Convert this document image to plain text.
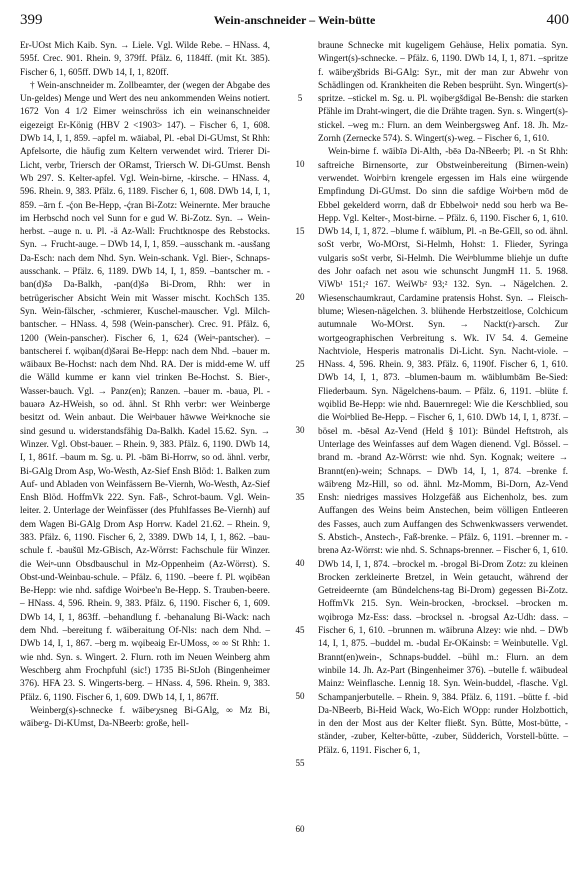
399	Wein-anschneider – Wein-bütte	400

Er-UOst Mich Kaib. Syn. → Liele. Vgl. Wilde Rebe. – HNass. 4, 595f. Crec. 901. Rhein. 9, 379ff. Pfälz. 6, 1184ff. (mit Kt. 385). Fischer 6, 1, 605ff. DWb 14, I, 1, 820ff.

† Wein-anschneider m. Zollbeamter, der (wegen der Abgabe des Un-geldes) Menge und Wert des neu ankommenden Weins notiert. 1672 Von 4 1/2 Eimer weinschröss ich ein weinanschneider eigezeigt Er-König (HBV 2 <1903> 147). – Fischer 6, 1, 608. DWb 14, I, 1, 859. –apfel m. wāiabǝl, Pl. -ebǝl Di-GUmst, St Rhh: Apfelsorte, die häufig zum Keltern verwendet wird. Trierer Di-Licht, verbr, Triersch der ORamst, Triersch W. Di-GUmst. Bensh Wb 297. S. Kelter-apfel. Vgl. Wein-birne, -kirsche. – HNass. 4, 596. Rhein. 9, 383. Pfälz. 6, 1189. Fischer 6, 1, 608. DWb 14, I, 1, 859. –ārn f. -ḉon Be-Hepp, -ḉran Bi-Zotz: Weinernte. Mer brauche im Herbschd noch vel Sunn for e gud W. Bi-Zotz. Syn. → Wein-herbst. –auge n. u. Pl. -ä Az-Wall: Fruchtknospe des Rebstocks. Syn. → Frucht-auge. – DWb 14, I, 1, 859. –ausschank m. -ausšang Da-Esch: nach dem Nhd. Syn. Wein-schank. Vgl. Bier-, Schnaps-ausschank. – Pfälz. 6, 1189. DWb 14, I, 1, 859. –bantscher m. -ban(d)šǝ Da-Balkh, -pan(d)šǝ Bi-Drom, Rhh: wer in betrügerischer Absicht Wein mit Wasser mischt. KochSch 135. Syn. Wein-fälscher, -schmierer, Kuschel-mauscher. Vgl. Milch-bantscher. – HNass. 4, 598 (Wein-panscher). Crec. 91. Pfälz. 6, 1200 (Wein-panscher). Fischer 6, 1, 624 (Weiⁿ-pantscher). –bantscherei f. wǫiban(d)šǝrai Be-Hepp: nach dem Nhd. –bauer m. wāibaux Be-Hochst: nach dem Nhd. RA. Der is midd-eme W. uff die Wälld kumme er kann viel trinken Be-Hochst. S. Bier-, Wasser-bauch. Vgl. → Panz(en); Ranzen. –bauer m. -bauǝ, Pl. -bauǝrǝ Az-HWeish, so od. ähnl. St Rhh verbr: wer Weinberge besitzt od. Wein anbaut. Die Weiⁿbauer hāwwe Weiⁿknoche sie sind gesund u. widerstandsfähig Da-Balkh. Kadel 15.62. Syn. → Winzer. Vgl. Obst-bauer. – Rhein. 9, 383. Pfälz. 6, 1190. DWb 14, I, 1, 861f. –baum m. Sg. u. Pl. -bām Bi-Horrw, so od. ähnl. verbr, Bi-GAlg Drom Asp, Wo-Westh, Az-Sief Ensh Blöd: 1. Balken zum Auf- und Abladen von Weinfässern Be-Viernh, Wo-Westh, Az-Sief Ensh Blöd. HoffmVk 222. Syn. Faß-, Schrot-baum. Vgl. Wein-leiter. 2. Unterlage der Weinfässer (des Pfuhlfasses Be-Viernh) auf dem Wagen Bi-GAlg Drom Asp Horrw. Kadel 21.62. – Rhein. 9, 383. Pfälz. 6, 1190. Fischer 6, 2, 3389. DWb 14, I, 1, 862. –bau-schule f. -baušūl Mz-GBisch, Az-Wörrst: Fachschule für Winzer. die Weiⁿ-unn Obsdbauschul in Mz-Oppenheim (Az-Wörrst). S. Obst-und-Weinbau-schule. – Pfälz. 6, 1190. –beere f. Pl. wǫibēǝn Be-Hepp: wie nhd. safdige Woiⁿbee'n Be-Hepp. S. Trauben-beere. – HNass. 4, 596. Rhein. 9, 383. Pfälz. 6, 1190. Fischer 6, 1, 609. DWb 14, I, 1, 863ff. –behandlung f. -behanalung Bi-Wack: nach dem Nhd. –bereitung f. wāiberaitung Of-Nls: nach dem Nhd. – DWb 14, I, 1, 867. –berg m. wǫibeǝig Er-UMoss, ∞ ∞ St Rhh: 1. wie nhd. Syn. s. Wingert. 2. Flurn. roth im Neuen Weinberg ahm Weschberg ahm Frochpfuhl (sic!) 1735 Bi-StJoh (Bingenheimer 376). HFA 23. S. Wingerts-berg. – HNass. 4, 596. Rhein. 9, 383. Pfälz. 6, 1190. Fischer 6, 1, 609. DWb 14, I, 1, 867ff.

Weinberg(s)-schnecke f. wāibeʳχsneg Bi-GAlg, ∞ Mz Bi, wāibeʳg- Di-KUmst, Da-NBeerb: große, hell-

5
10
15
20
25
30
35
40
45
50
55
60

braune Schnecke mit kugeligem Gehäuse, Helix pomatia. Syn. Wingert(s)-schnecke. – Pfälz. 6, 1190. DWb 14, I, 1, 871. –spritze f. wāibeʳχšbrids Bi-GAlg: Syr., mit der man zur Abwehr von Schädlingen od. Krankheiten die Reben besprüht. Syn. Wingert(s)-spritze. –stickel m. Sg. u. Pl. wǫibeʳgšdigǝl Be-Bensh: die starken Pfähle im Draht-wingert, die die Drähte tragen. Syn. s. Wingert(s)-stickel. –weg m.: Flurn. an dem Weinbergsweg Anf. 18. Jh. Mz-Zornh (Zernecke 574). S. Wingert(s)-weg. – Fischer 6, 1, 610.

Wein-birne f. wāibīǝ Di-Alth, -bēǝ Da-NBeerb; Pl. -n St Rhh: saftreiche Birnensorte, zur Obstweinbereitung (Birnen-wein) verwendet. Woiⁿbiʳn krengele ergessen im Hals eine würgende Empfindung Di-GUmst. Do sinn die safdige Woiⁿbeʳn mōd de Ebbel gekelderd worrn, daß dr Ebbelwoiⁿ nedd sou herb wa Be-Hepp. Vgl. Kelter-, Most-birne. – Pfälz. 6, 1190. Fischer 6, 1, 610. DWb 14, I, 1, 872. –blume f. wāiblum, Pl. -n Be-GEll, so od. ähnl. soSt verbr, Wo-MOrst, Si-Helmh, Hohst: 1. Flieder, Syringa vulgaris soSt verbr, Si-Helmh. Die Weiⁿblumme bliehje un dufte des Johr oafach net ǝsou wie schunscht JungmH 11. 5. 1968. ViWb¹ 151;² 167. WeiWb² 93;² 132. Syn. → Nägelchen. 2. Wiesenschaumkraut, Cardamine pratensis Hohst. Syn. → Fleisch-blume; Wiesen-nägelchen. 3. blühende Herbstzeitlose, Colchicum autumnale Wo-MOrst. Syn. → Nackt(r)-arsch. Zur wortgeographischen Verbreitung s. Wk. IV 54. 4. Gemeine Nachtviole, Hesperis matronalis Di-Licht. Syn. Nacht-viole. – HNass. 4, 596. Rhein. 9, 383. Pfälz. 6, 1190f. Fischer 6, 1, 610. DWb 14, I, 1, 873. –blumen-baum m. wāiblumbām Be-Sied: Fliederbaum. Syn. Nägelchens-baum. – Pfälz. 6, 1191. –blüte f. wǫiblid Be-Hepp: wie nhd. Bauernregel: Wie die Keʳschblied, sou die Woiⁿblied Be-Hepp. – Fischer 6, 1, 610. DWb 14, I, 1, 873f. –bösel m. -bēsǝl Az-Vend (Held § 101): Bündel Heftstroh, als Unterlage des Weinfasses auf dem Wagen dienend. Vgl. Bössel. –brand m. -brand Az-Wörrst: wie nhd. Syn. Kognak; weitere → Brannt(en)-wein; Schnaps. – DWb 14, I, 1, 874. –brenke f. wāibʳeng Mz-Hill, so od. ähnl. Mz-Momm, Bi-Dorn, Az-Vend Ensh: niedriges massives Holzgefäß aus Eichenholz, bes. zum Auffangen des Weins beim Anstechen, beim völligen Entleeren des Fasses, auch zum Auffangen des Schwenkwassers verwendet. S. Abstich-, Anstech-, Faß-brenke. – Pfälz. 6, 1191. –brenner m. -brenǝ Az-Wörrst: wie nhd. S. Schnaps-brenner. – Fischer 6, 1, 610. DWb 14, I, 1, 874. –brockel m. -brogǝl Bi-Drom Zotz: zu kleinen Brocken zerkleinerte Bretzel, in Wein getaucht, während der Getreideernte (am Bündelchens-tag Bi-Drom) gegessen Bi-Zotz. HoffmVk 215. Syn. Wein-brocken, -brocksel. –brocken m. wǫibrogǝ Mz-Ess: dass. –brocksel n. -brogsǝl Az-Udh: dass. – Fischer 6, 1, 610. –brunnen m. wāibrunǝ Alzey: wie nhd. – DWb 14, I, 1, 875. –buddel m. -budǝl Er-OKainsb: = Weinbutelle. Vgl. Brannt(en)wein-, Schnaps-buddel. –bühl m.: Flurn. an dem winbile 14. Jh. Az-Part (Bingenheimer 376). –butelle f. wāibudeǝl Mainz: Weinflasche. Lennig 18. Syn. Wein-buddel, -flasche. Vgl. Schampanjerbutelle. – Rhein. 9, 384. Pfälz. 6, 1191. –bütte f. -bid Da-NBeerb, Bi-Heid Wack, Wo-Eich WOpp: runder Holzbottich, in den der Most aus der Kelter fließt. Syn. Bütte, Most-bütte, -ständer, -zuber, Kelter-bütte, -zuber, Südderich, Vorstell-bütte. – Pfälz. 6, 1191. Fischer 6, 1,
